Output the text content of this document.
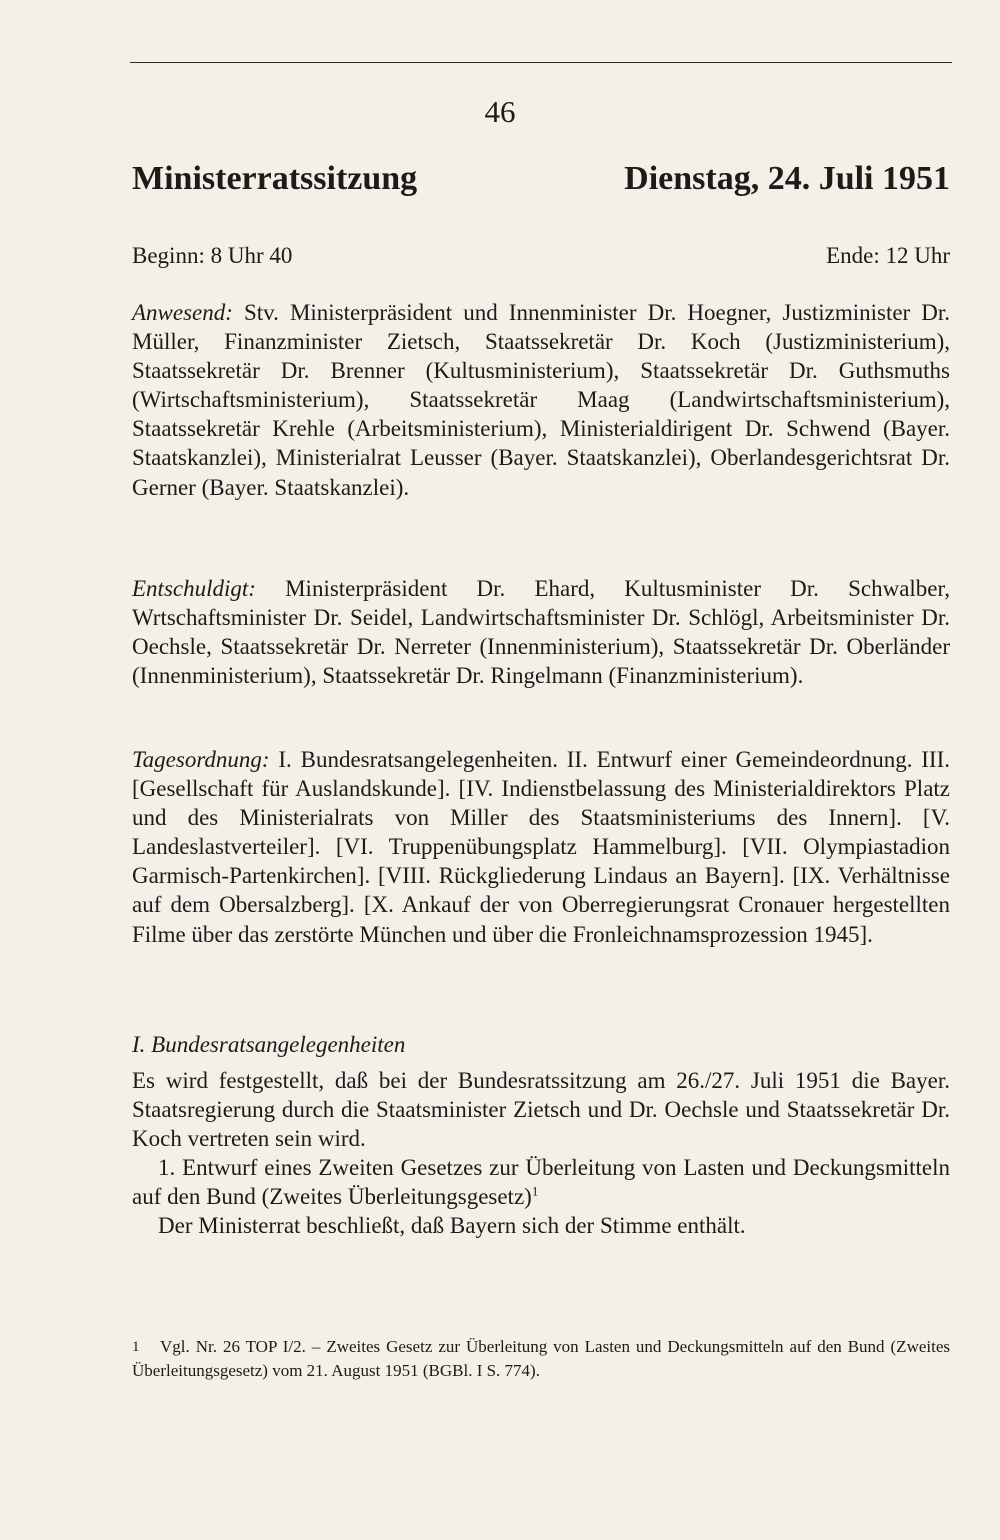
46
Ministerratssitzung	Dienstag, 24. Juli 1951
Beginn: 8 Uhr 40	Ende: 12 Uhr
Anwesend: Stv. Ministerpräsident und Innenminister Dr. Hoegner, Justizminister Dr. Müller, Finanzminister Zietsch, Staatssekretär Dr. Koch (Justizministerium), Staatssekretär Dr. Brenner (Kultusministerium), Staatssekretär Dr. Guthsmuths (Wirtschaftsministerium), Staatssekretär Maag (Landwirtschaftsministerium), Staatssekretär Krehle (Arbeitsministerium), Ministerialdirigent Dr. Schwend (Bayer. Staatskanzlei), Ministerialrat Leusser (Bayer. Staatskanzlei), Oberlandesgerichtsrat Dr. Gerner (Bayer. Staatskanzlei).
Entschuldigt: Ministerpräsident Dr. Ehard, Kultusminister Dr. Schwalber, Wrtschaftsminister Dr. Seidel, Landwirtschaftsminister Dr. Schlögl, Arbeitsminister Dr. Oechsle, Staatssekretär Dr. Nerreter (Innenministerium), Staatssekretär Dr. Oberländer (Innenministerium), Staatssekretär Dr. Ringelmann (Finanzministerium).
Tagesordnung: I. Bundesratsangelegenheiten. II. Entwurf einer Gemeindeordnung. III. [Gesellschaft für Auslandskunde]. [IV. Indienstbelassung des Ministerialdirektors Platz und des Ministerialrats von Miller des Staatsministeriums des Innern]. [V. Landeslastverteiler]. [VI. Truppenübungsplatz Hammelburg]. [VII. Olympiastadion Garmisch-Partenkirchen]. [VIII. Rückgliederung Lindaus an Bayern]. [IX. Verhältnisse auf dem Obersalzberg]. [X. Ankauf der von Oberregierungsrat Cronauer hergestellten Filme über das zerstörte München und über die Fronleichnamsprozession 1945].
I. Bundesratsangelegenheiten
Es wird festgestellt, daß bei der Bundesratssitzung am 26./27. Juli 1951 die Bayer. Staatsregierung durch die Staatsminister Zietsch und Dr. Oechsle und Staatssekretär Dr. Koch vertreten sein wird.
1. Entwurf eines Zweiten Gesetzes zur Überleitung von Lasten und Deckungsmitteln auf den Bund (Zweites Überleitungsgesetz)$^1$
Der Ministerrat beschließt, daß Bayern sich der Stimme enthält.
1	Vgl. Nr. 26 TOP I/2. – Zweites Gesetz zur Überleitung von Lasten und Deckungsmitteln auf den Bund (Zweites Überleitungsgesetz) vom 21. August 1951 (BGBl. I S. 774).
